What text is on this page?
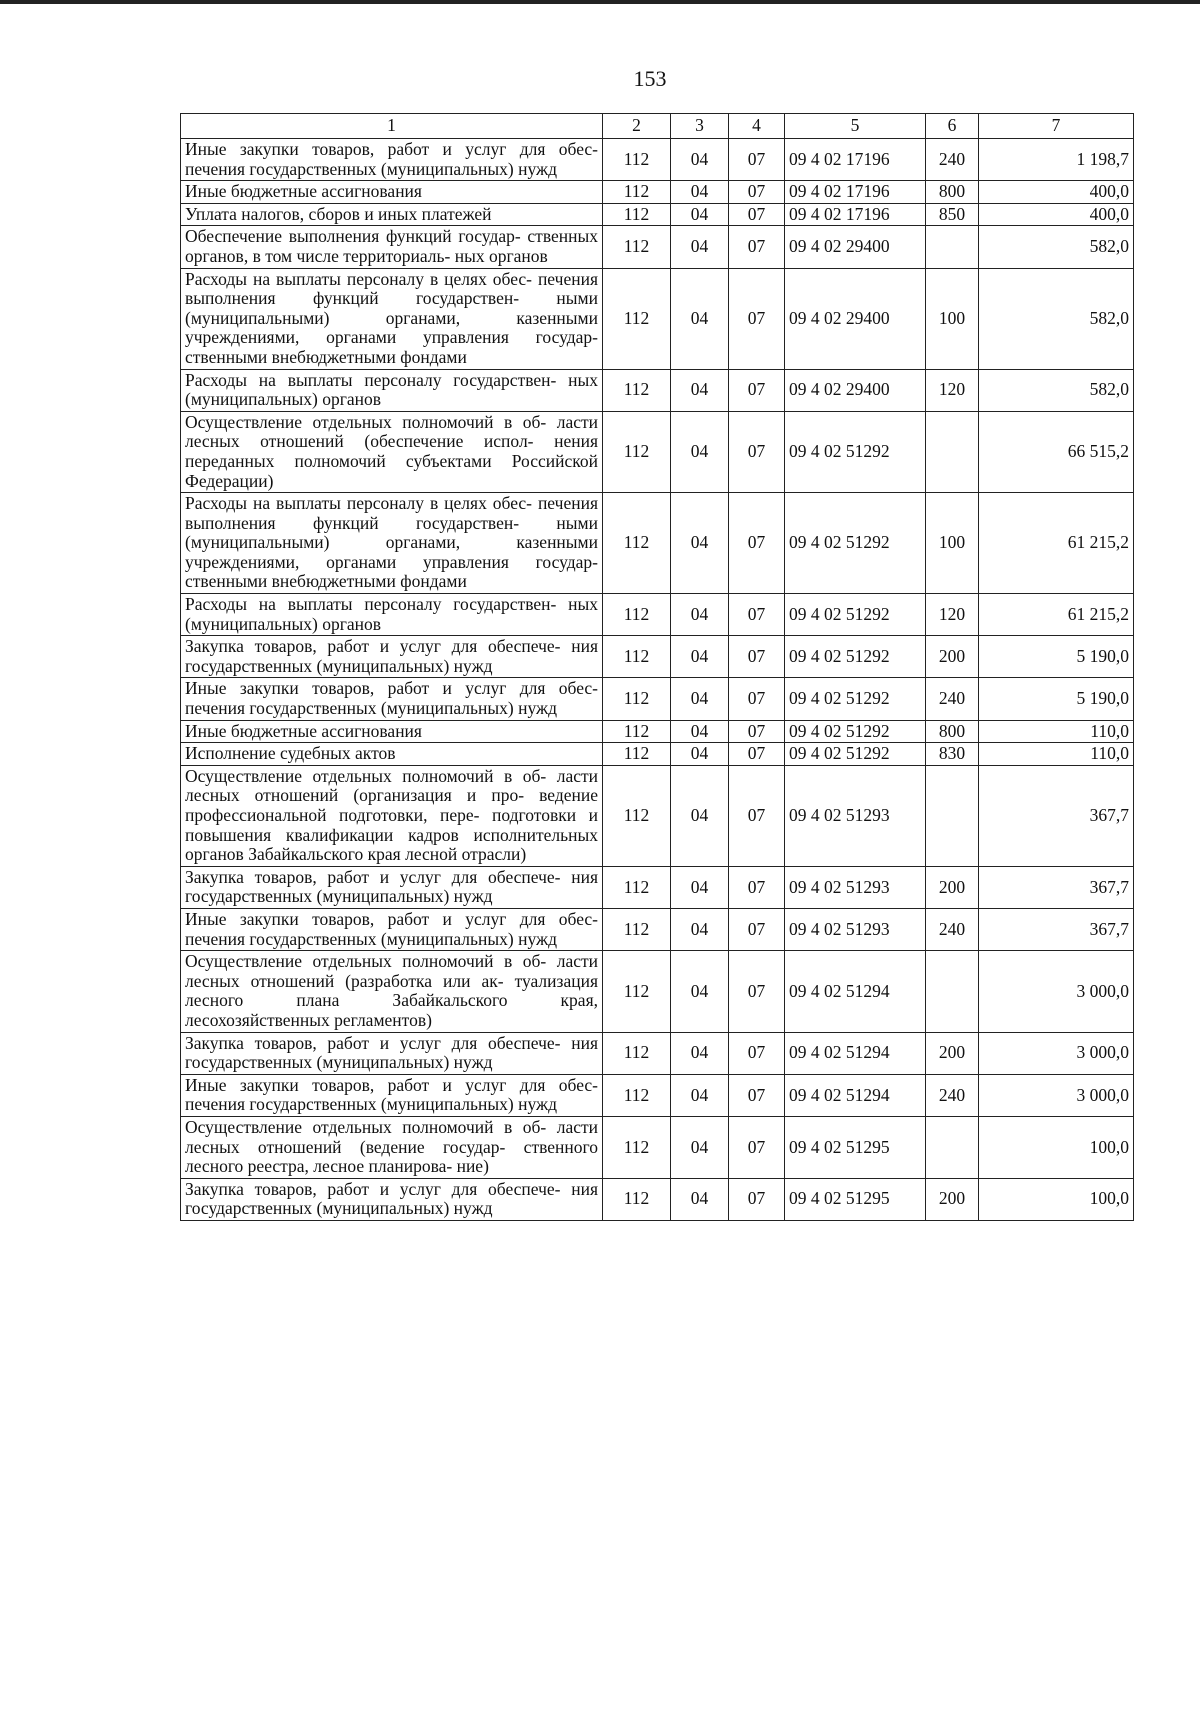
153
1	2	3	4	5	6	7
Иные закупки товаров, работ и услуг для обес- печения государственных (муниципальных) нужд	112	04	07	09 4 02 17196	240	1 198,7
Иные бюджетные ассигнования	112	04	07	09 4 02 17196	800	400,0
Уплата налогов, сборов и иных платежей	112	04	07	09 4 02 17196	850	400,0
Обеспечение выполнения функций государ- ственных органов, в том числе территориаль- ных органов	112	04	07	09 4 02 29400		582,0
Расходы на выплаты персоналу в целях обес- печения выполнения функций государствен- ными (муниципальными) органами, казенными учреждениями, органами управления государ- ственными внебюджетными фондами	112	04	07	09 4 02 29400	100	582,0
Расходы на выплаты персоналу государствен- ных (муниципальных) органов	112	04	07	09 4 02 29400	120	582,0
Осуществление отдельных полномочий в об- ласти лесных отношений (обеспечение испол- нения переданных полномочий субъектами Российской Федерации)	112	04	07	09 4 02 51292		66 515,2
Расходы на выплаты персоналу в целях обес- печения выполнения функций государствен- ными (муниципальными) органами, казенными учреждениями, органами управления государ- ственными внебюджетными фондами	112	04	07	09 4 02 51292	100	61 215,2
Расходы на выплаты персоналу государствен- ных (муниципальных) органов	112	04	07	09 4 02 51292	120	61 215,2
Закупка товаров, работ и услуг для обеспече- ния государственных (муниципальных) нужд	112	04	07	09 4 02 51292	200	5 190,0
Иные закупки товаров, работ и услуг для обес- печения государственных (муниципальных) нужд	112	04	07	09 4 02 51292	240	5 190,0
Иные бюджетные ассигнования	112	04	07	09 4 02 51292	800	110,0
Исполнение судебных актов	112	04	07	09 4 02 51292	830	110,0
Осуществление отдельных полномочий в об- ласти лесных отношений (организация и про- ведение профессиональной подготовки, пере- подготовки и повышения квалификации кадров исполнительных органов Забайкальского края лесной отрасли)	112	04	07	09 4 02 51293		367,7
Закупка товаров, работ и услуг для обеспече- ния государственных (муниципальных) нужд	112	04	07	09 4 02 51293	200	367,7
Иные закупки товаров, работ и услуг для обес- печения государственных (муниципальных) нужд	112	04	07	09 4 02 51293	240	367,7
Осуществление отдельных полномочий в об- ласти лесных отношений (разработка или ак- туализация лесного плана Забайкальского края, лесохозяйственных регламентов)	112	04	07	09 4 02 51294		3 000,0
Закупка товаров, работ и услуг для обеспече- ния государственных (муниципальных) нужд	112	04	07	09 4 02 51294	200	3 000,0
Иные закупки товаров, работ и услуг для обес- печения государственных (муниципальных) нужд	112	04	07	09 4 02 51294	240	3 000,0
Осуществление отдельных полномочий в об- ласти лесных отношений (ведение государ- ственного лесного реестра, лесное планирова- ние)	112	04	07	09 4 02 51295		100,0
Закупка товаров, работ и услуг для обеспече- ния государственных (муниципальных) нужд	112	04	07	09 4 02 51295	200	100,0
